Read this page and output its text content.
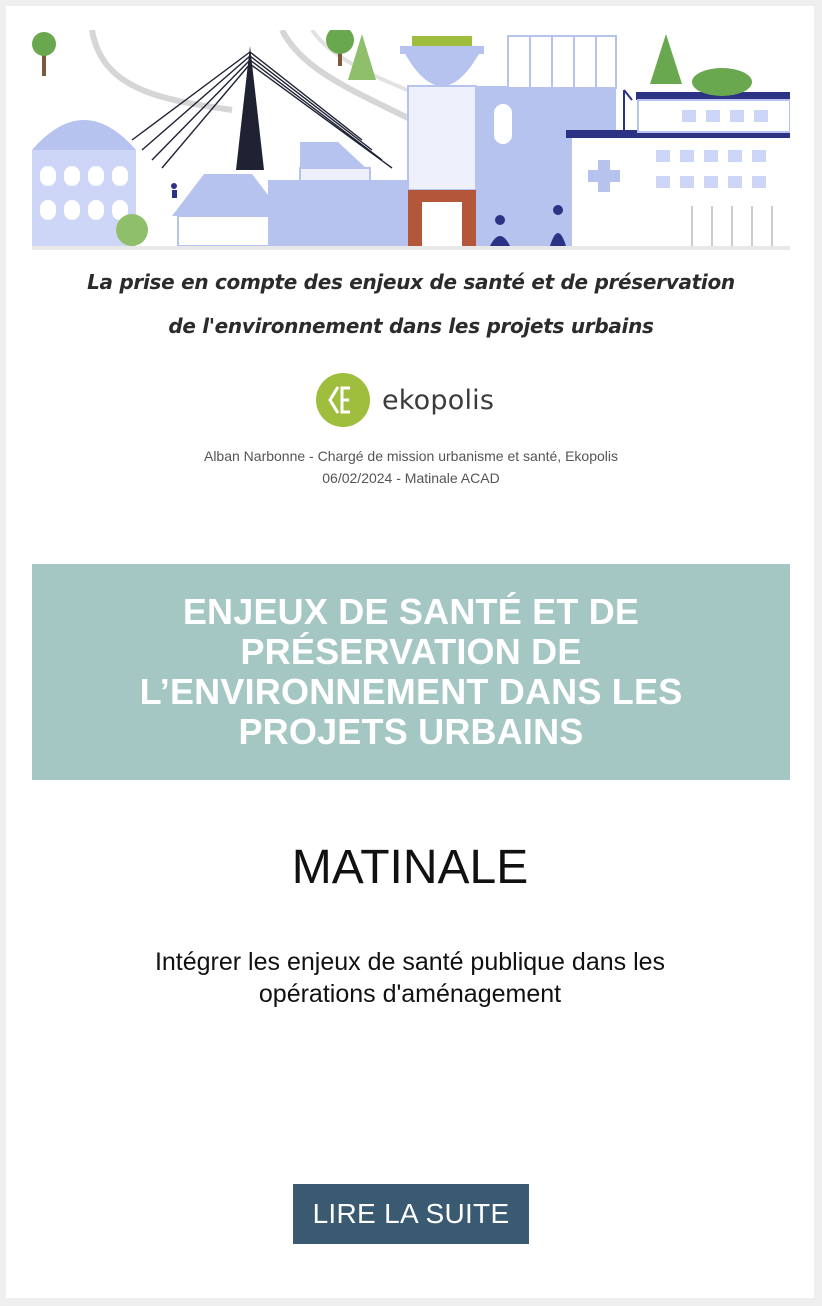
La prise en compte des enjeux de santé et de préservation
de l'environnement dans les projets urbains
ekopolis
Alban Narbonne - Chargé de mission urbanisme et santé, Ekopolis
06/02/2024 - Matinale ACAD
ENJEUX DE SANTÉ ET DE PRÉSERVATION DE L’ENVIRONNEMENT DANS LES PROJETS URBAINS
MATINALE

Intégrer les enjeux de santé publique dans les opérations d'aménagement

LIRE LA SUITE
